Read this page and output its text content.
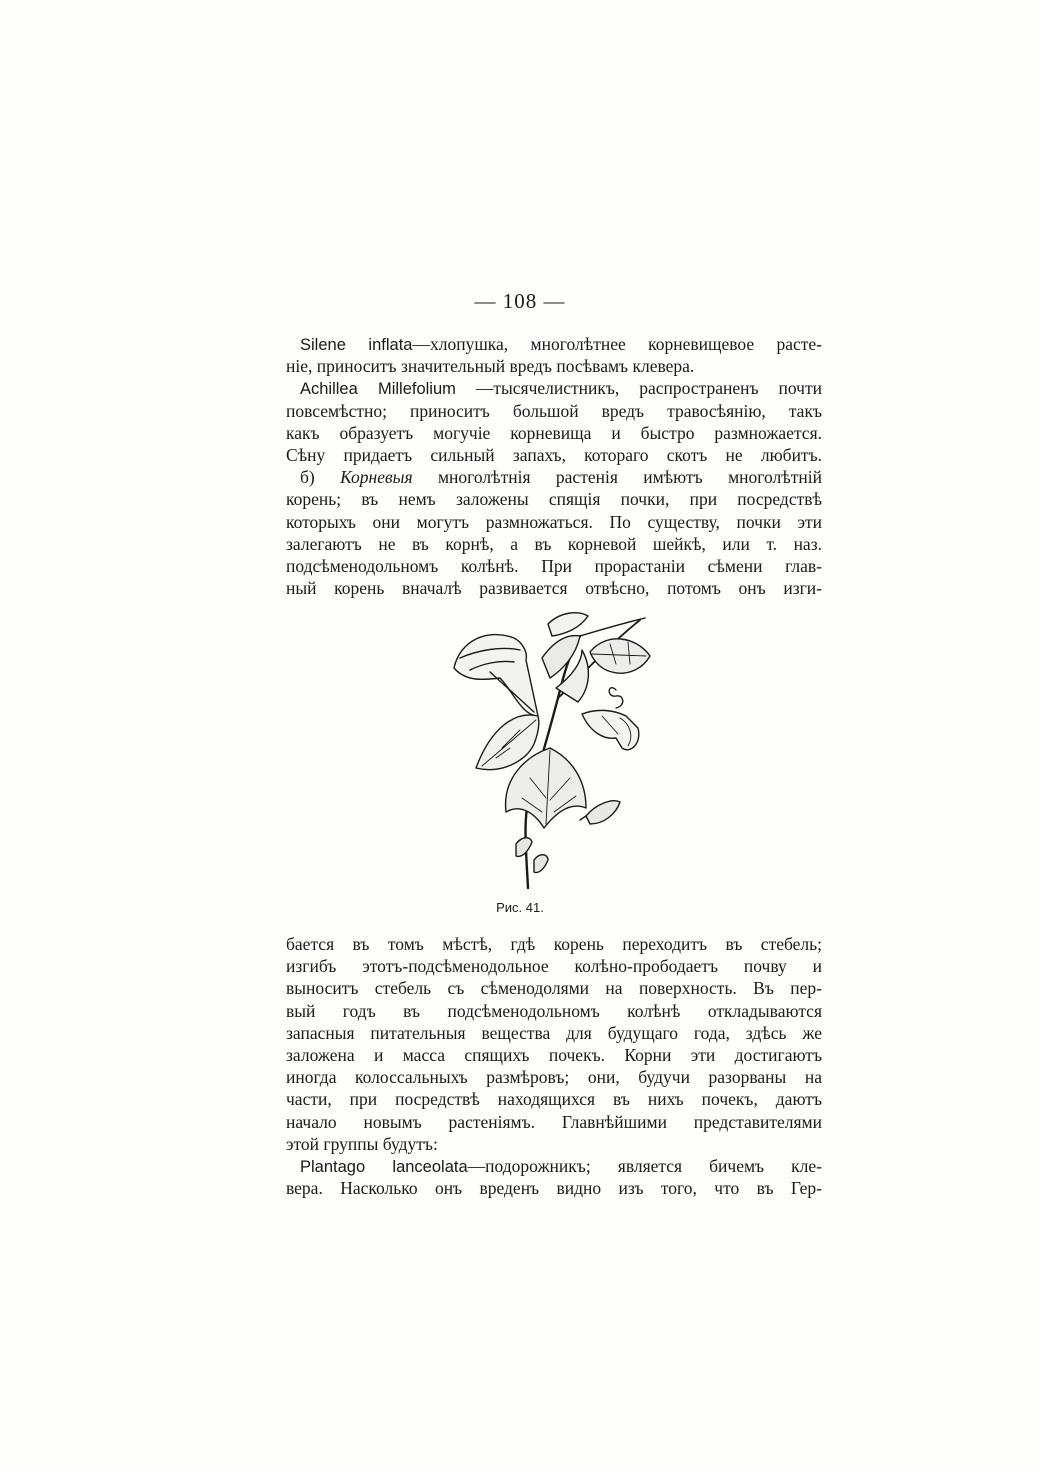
— 108 —
Silene inflata—хлопушка, многолѣтнее корневищевое расте-
ніе, приноситъ значительный вредъ посѣвамъ клевера.
Achillea Millefolium —тысячелистникъ, распространенъ почти
повсемѣстно; приноситъ большой вредъ травосѣянію, такъ
какъ образуетъ могучіе корневища и быстро размножается.
Сѣну придаетъ сильный запахъ, котораго скотъ не любитъ.
б) Корневыя многолѣтнія растенія имѣютъ многолѣтній
корень; въ немъ заложены спящія почки, при посредствѣ
которыхъ они могутъ размножаться. По существу, почки эти
залегаютъ не въ корнѣ, а въ корневой шейкѣ, или т. наз.
подсѣменодольномъ колѣнѣ. При прорастаніи сѣмени глав-
ный корень вначалѣ развивается отвѣсно, потомъ онъ изги-
Рис. 41.
бается въ томъ мѣстѣ, гдѣ корень переходитъ въ стебель;
изгибъ этотъ-подсѣменодольное колѣно-прободаетъ почву и
выноситъ стебель съ сѣменодолями на поверхность. Въ пер-
вый годъ въ подсѣменодольномъ колѣнѣ откладываются
запасныя питательныя вещества для будущаго года, здѣсь же
заложена и масса спящихъ почекъ. Корни эти достигаютъ
иногда колоссальныхъ размѣровъ; они, будучи разорваны на
части, при посредствѣ находящихся въ нихъ почекъ, даютъ
начало новымъ растеніямъ. Главнѣйшими представителями
этой группы будутъ:
Plantago lanceolata—подорожникъ; является бичемъ кле-
вера. Насколько онъ вреденъ видно изъ того, что въ Гер-
